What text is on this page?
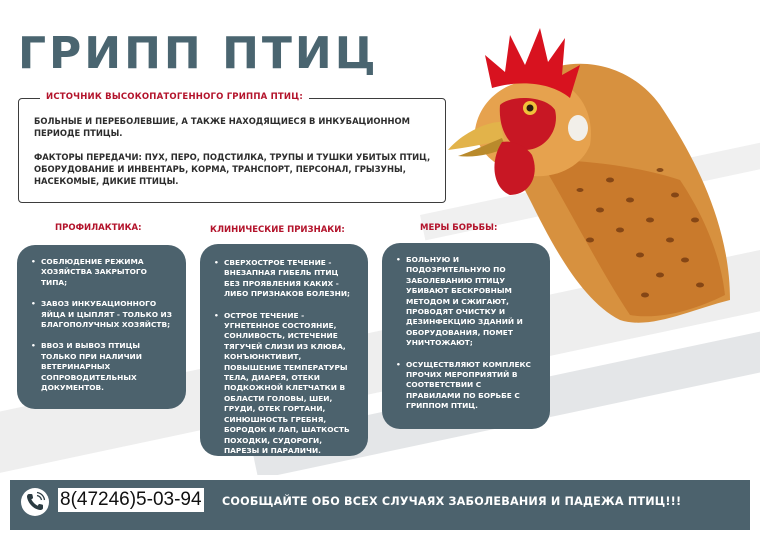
ГРИПП ПТИЦ
ИСТОЧНИК ВЫСОКОПАТОГЕННОГО ГРИППА ПТИЦ:

БОЛЬНЫЕ И ПЕРЕБОЛЕВШИЕ, А ТАКЖЕ НАХОДЯЩИЕСЯ В ИНКУБАЦИОННОМ ПЕРИОДЕ ПТИЦЫ.

ФАКТОРЫ ПЕРЕДАЧИ: ПУХ, ПЕРО, ПОДСТИЛКА, ТРУПЫ И ТУШКИ УБИТЫХ ПТИЦ, ОБОРУДОВАНИЕ И ИНВЕНТАРЬ, КОРМА, ТРАНСПОРТ, ПЕРСОНАЛ, ГРЫЗУНЫ, НАСЕКОМЫЕ, ДИКИЕ ПТИЦЫ.

ПРОФИЛАКТИКА:	КЛИНИЧЕСКИЕ ПРИЗНАКИ:	МЕРЫ БОРЬБЫ:
• СОБЛЮДЕНИЕ РЕЖИМА ХОЗЯЙСТВА ЗАКРЫТОГО ТИПА;
• ЗАВОЗ ИНКУБАЦИОННОГО ЯЙЦА И ЦЫПЛЯТ - ТОЛЬКО ИЗ БЛАГОПОЛУЧНЫХ ХОЗЯЙСТВ;
• ВВОЗ И ВЫВОЗ ПТИЦЫ ТОЛЬКО ПРИ НАЛИЧИИ ВЕТЕРИНАРНЫХ СОПРОВОДИТЕЛЬНЫХ ДОКУМЕНТОВ.
• СВЕРХОСТРОЕ ТЕЧЕНИЕ - ВНЕЗАПНАЯ ГИБЕЛЬ ПТИЦ БЕЗ ПРОЯВЛЕНИЯ КАКИХ - ЛИБО ПРИЗНАКОВ БОЛЕЗНИ;
• ОСТРОЕ ТЕЧЕНИЕ - УГНЕТЕННОЕ СОСТОЯНИЕ, СОНЛИВОСТЬ, ИСТЕЧЕНИЕ ТЯГУЧЕЙ СЛИЗИ ИЗ КЛЮВА, КОНЪЮНКТИВИТ, ПОВЫШЕНИЕ ТЕМПЕРАТУРЫ ТЕЛА, ДИАРЕЯ, ОТЕКИ ПОДКОЖНОЙ КЛЕТЧАТКИ В ОБЛАСТИ ГОЛОВЫ, ШЕИ, ГРУДИ, ОТЕК ГОРТАНИ, СИНЮШНОСТЬ ГРЕБНЯ, БОРОДОК И ЛАП, ШАТКОСТЬ ПОХОДКИ, СУДОРОГИ, ПАРЕЗЫ И ПАРАЛИЧИ.
• БОЛЬНУЮ И ПОДОЗРИТЕЛЬНУЮ ПО ЗАБОЛЕВАНИЮ ПТИЦУ УБИВАЮТ БЕСКРОВНЫМ МЕТОДОМ И СЖИГАЮТ, ПРОВОДЯТ ОЧИСТКУ И ДЕЗИНФЕКЦИЮ ЗДАНИЙ И ОБОРУДОВАНИЯ, ПОМЕТ УНИЧТОЖАЮТ;
• ОСУЩЕСТВЛЯЮТ КОМПЛЕКС ПРОЧИХ МЕРОПРИЯТИЙ В СООТВЕТСТВИИ С ПРАВИЛАМИ ПО БОРЬБЕ С ГРИППОМ ПТИЦ.
8(47246)5-03-94 СООБЩАЙТЕ ОБО ВСЕХ СЛУЧАЯХ ЗАБОЛЕВАНИЯ И ПАДЕЖА ПТИЦ!!!
